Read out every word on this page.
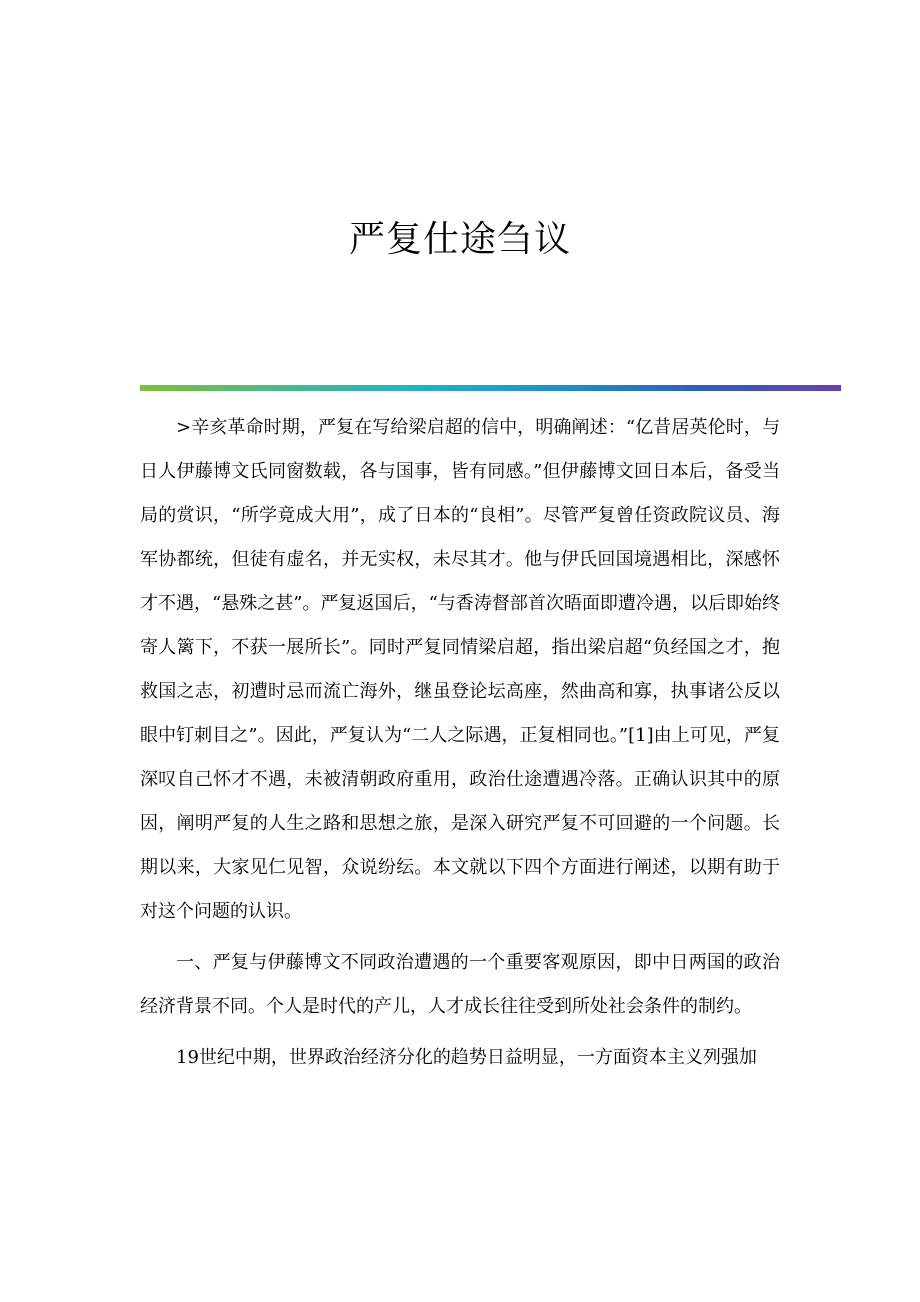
严复仕途刍议

>辛亥革命时期，严复在写给梁启超的信中，明确阐述：“亿昔居英伦时，与日人伊藤博文氏同窗数载，各与国事，皆有同感。”但伊藤博文回日本后，备受当局的赏识，“所学竟成大用”，成了日本的“良相”。尽管严复曾任资政院议员、海军协都统，但徒有虚名，并无实权，未尽其才。他与伊氏回国境遇相比，深感怀才不遇，“悬殊之甚”。严复返国后，“与香涛督部首次晤面即遭冷遇，以后即始终寄人篱下，不获一展所长”。同时严复同情梁启超，指出梁启超“负经国之才，抱救国之志，初遭时忌而流亡海外，继虽登论坛高座，然曲高和寡，执事诸公反以眼中钉刺目之”。因此，严复认为“二人之际遇，正复相同也。”[1]由上可见，严复深叹自己怀才不遇，未被清朝政府重用，政治仕途遭遇冷落。正确认识其中的原因，阐明严复的人生之路和思想之旅，是深入研究严复不可回避的一个问题。长期以来，大家见仁见智，众说纷纭。本文就以下四个方面进行阐述，以期有助于对这个问题的认识。

一、严复与伊藤博文不同政治遭遇的一个重要客观原因，即中日两国的政治经济背景不同。个人是时代的产儿，人才成长往往受到所处社会条件的制约。

19世纪中期，世界政治经济分化的趋势日益明显，一方面资本主义列强加
